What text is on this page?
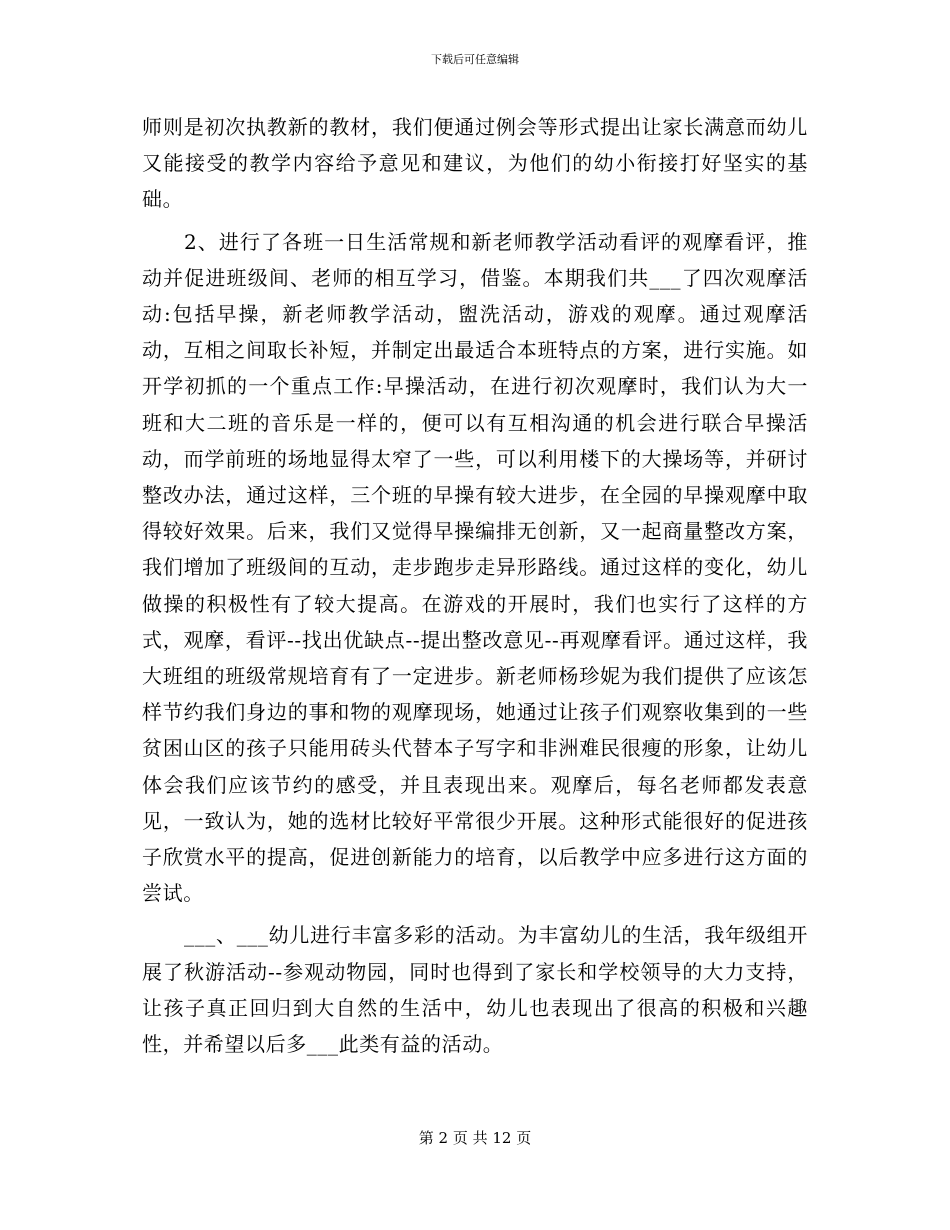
下载后可任意编辑

师则是初次执教新的教材，我们便通过例会等形式提出让家长满意而幼儿又能接受的教学内容给予意见和建议，为他们的幼小衔接打好坚实的基础。

2、进行了各班一日生活常规和新老师教学活动看评的观摩看评，推动并促进班级间、老师的相互学习，借鉴。本期我们共___了四次观摩活动:包括早操，新老师教学活动，盥洗活动，游戏的观摩。通过观摩活动，互相之间取长补短，并制定出最适合本班特点的方案，进行实施。如开学初抓的一个重点工作:早操活动，在进行初次观摩时，我们认为大一班和大二班的音乐是一样的，便可以有互相沟通的机会进行联合早操活动，而学前班的场地显得太窄了一些，可以利用楼下的大操场等，并研讨整改办法，通过这样，三个班的早操有较大进步，在全园的早操观摩中取得较好效果。后来，我们又觉得早操编排无创新，又一起商量整改方案，我们增加了班级间的互动，走步跑步走异形路线。通过这样的变化，幼儿做操的积极性有了较大提高。在游戏的开展时，我们也实行了这样的方式，观摩，看评--找出优缺点--提出整改意见--再观摩看评。通过这样，我大班组的班级常规培育有了一定进步。新老师杨珍妮为我们提供了应该怎样节约我们身边的事和物的观摩现场，她通过让孩子们观察收集到的一些贫困山区的孩子只能用砖头代替本子写字和非洲难民很瘦的形象，让幼儿体会我们应该节约的感受，并且表现出来。观摩后，每名老师都发表意见，一致认为，她的选材比较好平常很少开展。这种形式能很好的促进孩子欣赏水平的提高，促进创新能力的培育，以后教学中应多进行这方面的尝试。

___、___幼儿进行丰富多彩的活动。为丰富幼儿的生活，我年级组开展了秋游活动--参观动物园，同时也得到了家长和学校领导的大力支持，让孩子真正回归到大自然的生活中，幼儿也表现出了很高的积极和兴趣性，并希望以后多___此类有益的活动。

第 2 页 共 12 页
